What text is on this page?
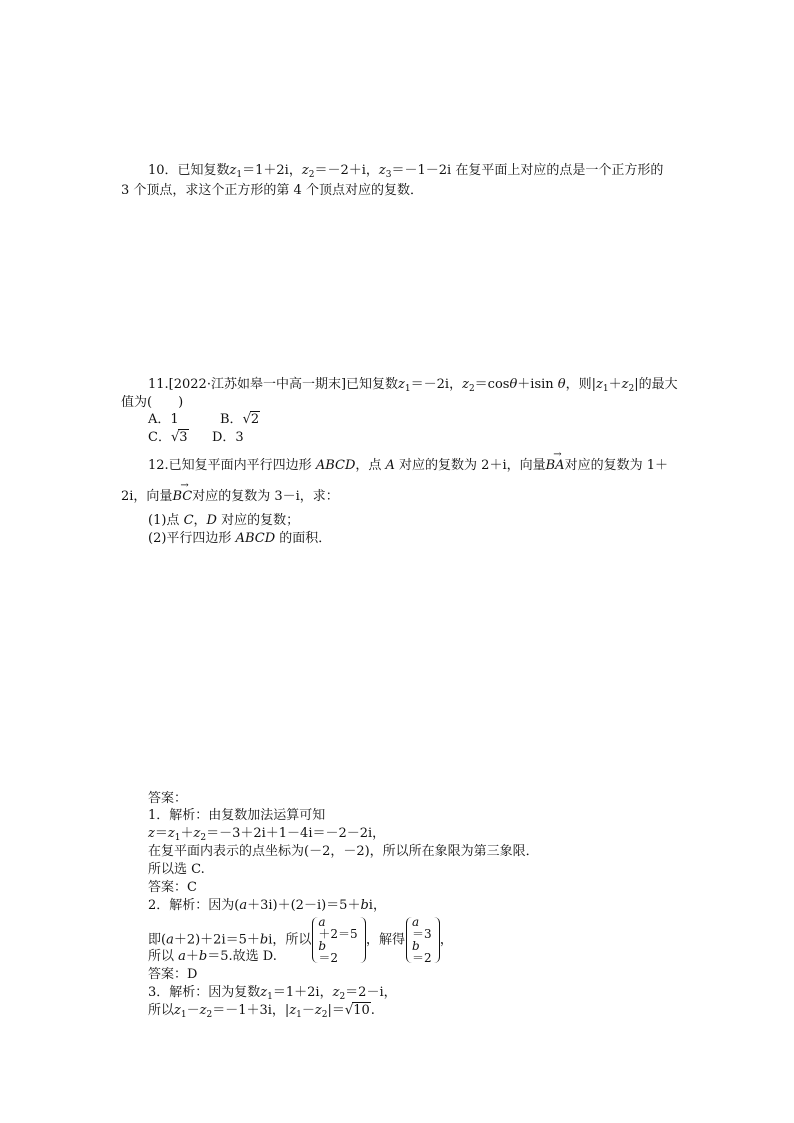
10．已知复数$z_1=1+2i$，$z_2=-2+i$，$z_3=-1-2i$ 在复平面上对应的点是一个正方形的
3 个顶点，求这个正方形的第 4 个顶点对应的复数．
11.[2022·江苏如皋一中高一期末]已知复数$z_1=-2i$，$z_2=\cos\theta+isin$ θ，则$|z_1+z_2|$的最大
值为(　　)
A．1	B．√2
C．√3 D．3
12.已知复平面内平行四边形 ABCD，点 A 对应的复数为 2＋i，向量→ BA对应的复数为 1＋
2i，向量→ BC对应的复数为 3－i，求：
(1)点 C，D 对应的复数；
(2)平行四边形 ABCD 的面积．
答案：
1．解析：由复数加法运算可知
$z=z_1+z_2=-3+2i+1-4i=-2-2i$，
在复平面内表示的点坐标为(－2，－2)，所以所在象限为第三象限．
所以选 C.
答案：C
2．解析：因为(a＋3i)＋(2－i)＝5＋bi，
即(a＋2)＋2i＝5＋bi，所以
a
＋2＝5
b
＝2
，解得
a
＝3
b
＝2
，
所以 a＋b＝5.故选 D.
答案：D
3．解析：因为复数$z_1=1+2i$，$z_2=2-i$，
所以$z_1-z_2=-1+3i$，$|z_1-z_2|=√10$.
